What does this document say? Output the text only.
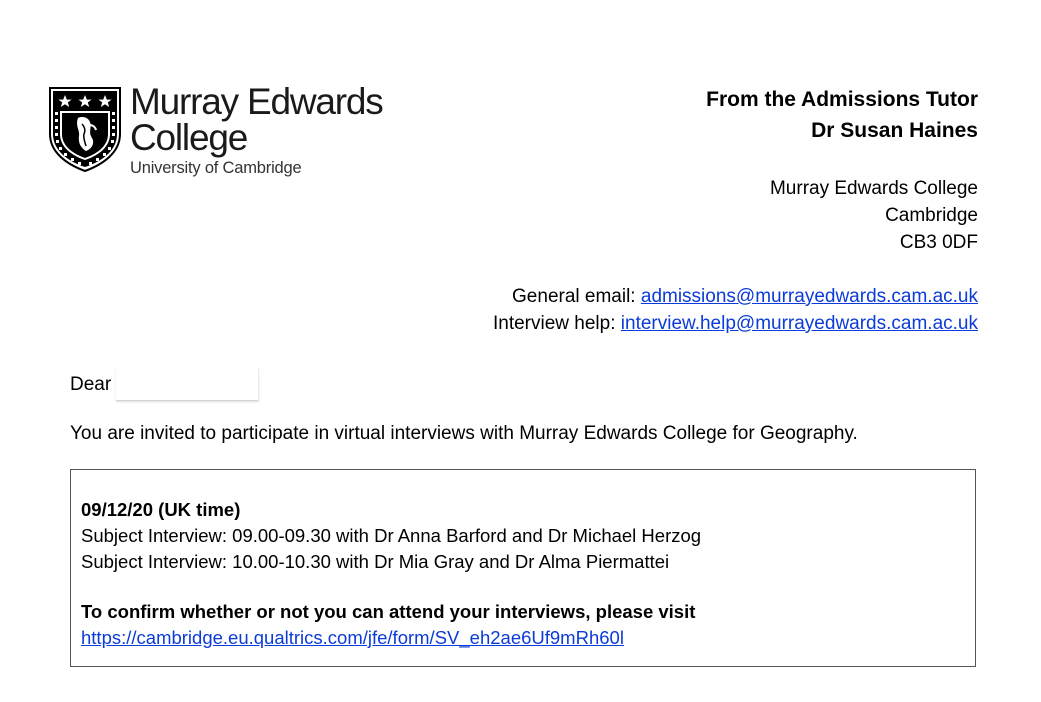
Murray Edwards
College
University of Cambridge
From the Admissions Tutor
Dr Susan Haines
Murray Edwards College
Cambridge
CB3 0DF
General email: admissions@murrayedwards.cam.ac.uk
Interview help: interview.help@murrayedwards.cam.ac.uk
Dear
You are invited to participate in virtual interviews with Murray Edwards College for Geography.
09/12/20 (UK time)
Subject Interview: 09.00-09.30 with Dr Anna Barford and Dr Michael Herzog
Subject Interview: 10.00-10.30 with Dr Mia Gray and Dr Alma Piermattei
To confirm whether or not you can attend your interviews, please visit
https://cambridge.eu.qualtrics.com/jfe/form/SV_eh2ae6Uf9mRh60l
